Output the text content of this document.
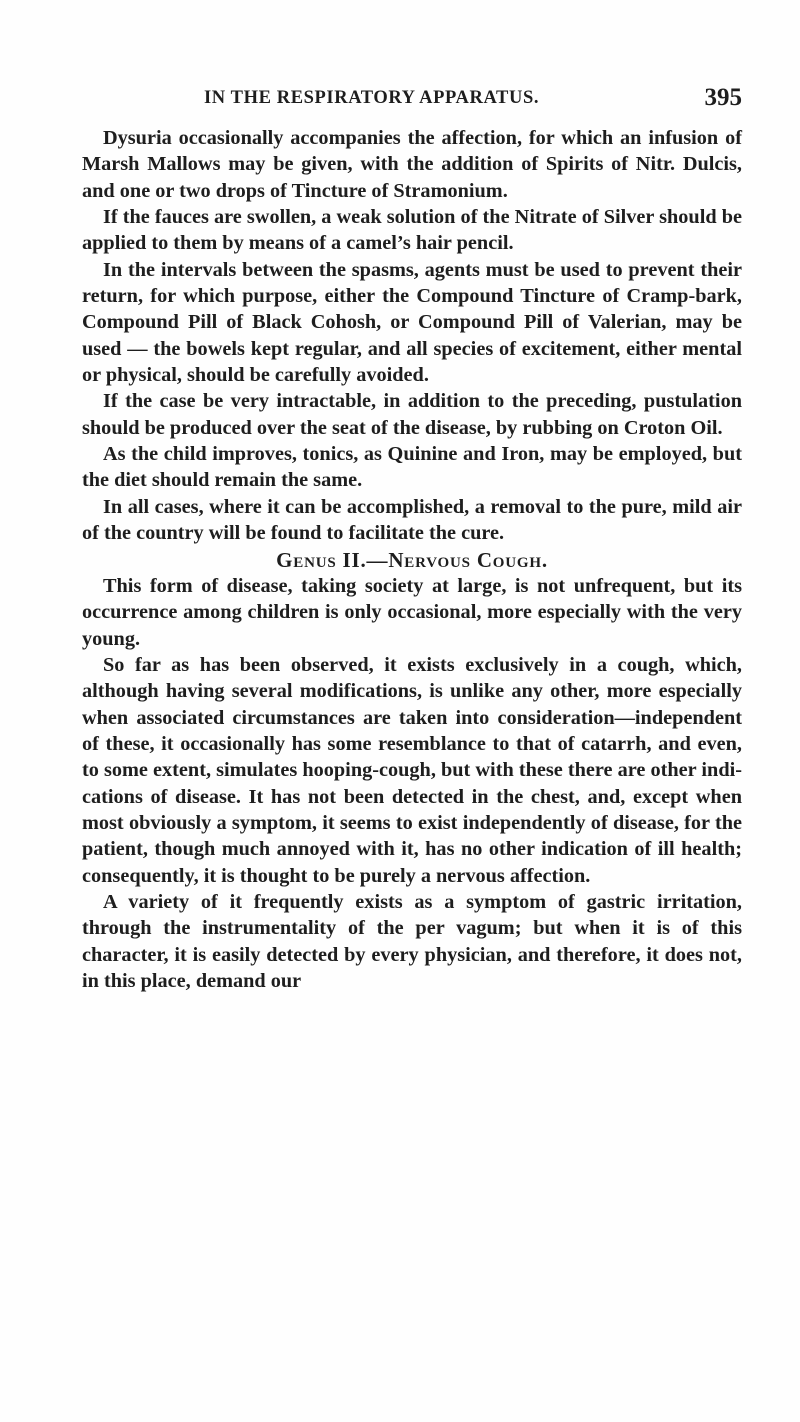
IN THE RESPIRATORY APPARATUS.	395

Dysuria occasionally accompanies the affection, for which an infusion of Marsh Mallows may be given, with the addition of Spirits of Nitr. Dulcis, and one or two drops of Tincture of Stramonium.

If the fauces are swollen, a weak solution of the Nitrate of Silver should be applied to them by means of a camel’s hair pencil.

In the intervals between the spasms, agents must be used to prevent their return, for which purpose, either the Compound Tincture of Cramp-bark, Compound Pill of Black Cohosh, or Compound Pill of Valerian, may be used — the bowels kept regular, and all species of excitement, either mental or physical, should be carefully avoided.

If the case be very intractable, in addition to the preceding, pustulation should be produced over the seat of the disease, by rubbing on Croton Oil.

As the child improves, tonics, as Quinine and Iron, may be employed, but the diet should remain the same.

In all cases, where it can be accomplished, a removal to the pure, mild air of the country will be found to facilitate the cure.

Genus II.—Nervous Cough.

This form of disease, taking society at large, is not unfrequent, but its occurrence among children is only occasional, more especially with the very young.

So far as has been observed, it exists exclusively in a cough, which, although having several modifications, is unlike any other, more especially when associated circumstances are taken into consideration—independent of these, it occasionally has some resemblance to that of catarrh, and even, to some extent, simulates hooping-cough, but with these there are other indications of disease. It has not been detected in the chest, and, except when most obviously a symptom, it seems to exist independently of disease, for the patient, though much annoyed with it, has no other indication of ill health; consequently, it is thought to be purely a nervous affection.

A variety of it frequently exists as a symptom of gastric irritation, through the instrumentality of the per vagum; but when it is of this character, it is easily detected by every physician, and therefore, it does not, in this place, demand our
